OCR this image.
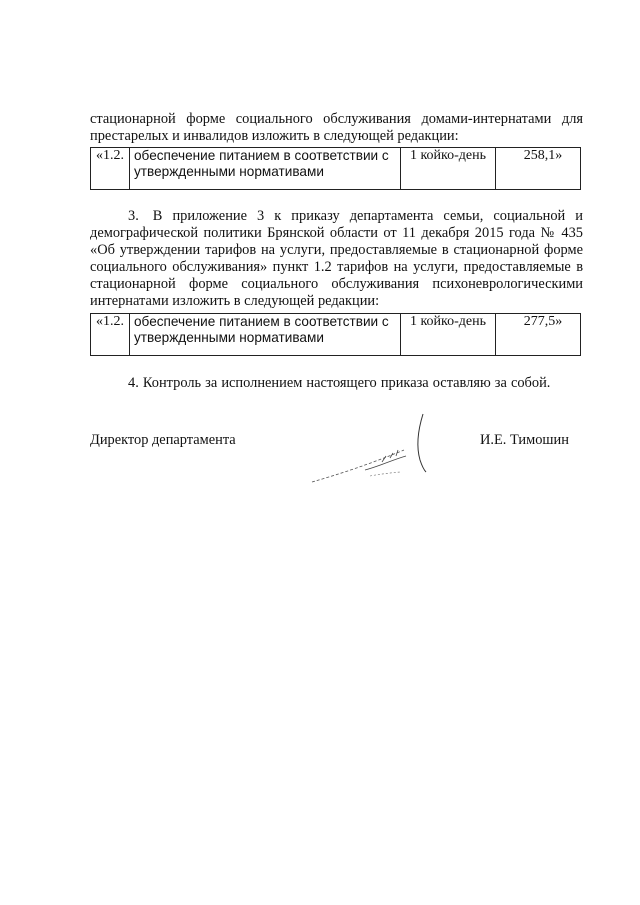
стационарной форме социального обслуживания домами-интернатами для престарелых и инвалидов изложить в следующей редакции:

«1.2.	обеспечение питанием в соответствии с утвержденными нормативами	1 койко-день	258,1»

3. В приложение 3 к приказу департамента семьи, социальной и демографической политики Брянской области от 11 декабря 2015 года № 435 «Об утверждении тарифов на услуги, предоставляемые в стационарной форме социального обслуживания» пункт 1.2 тарифов на услуги, предоставляемые в стационарной форме социального обслуживания психоневрологическими интернатами изложить в следующей редакции:

«1.2.	обеспечение питанием в соответствии с утвержденными нормативами	1 койко-день	277,5»

4. Контроль за исполнением настоящего приказа оставляю за собой.

Директор департамента	И.Е. Тимошин
